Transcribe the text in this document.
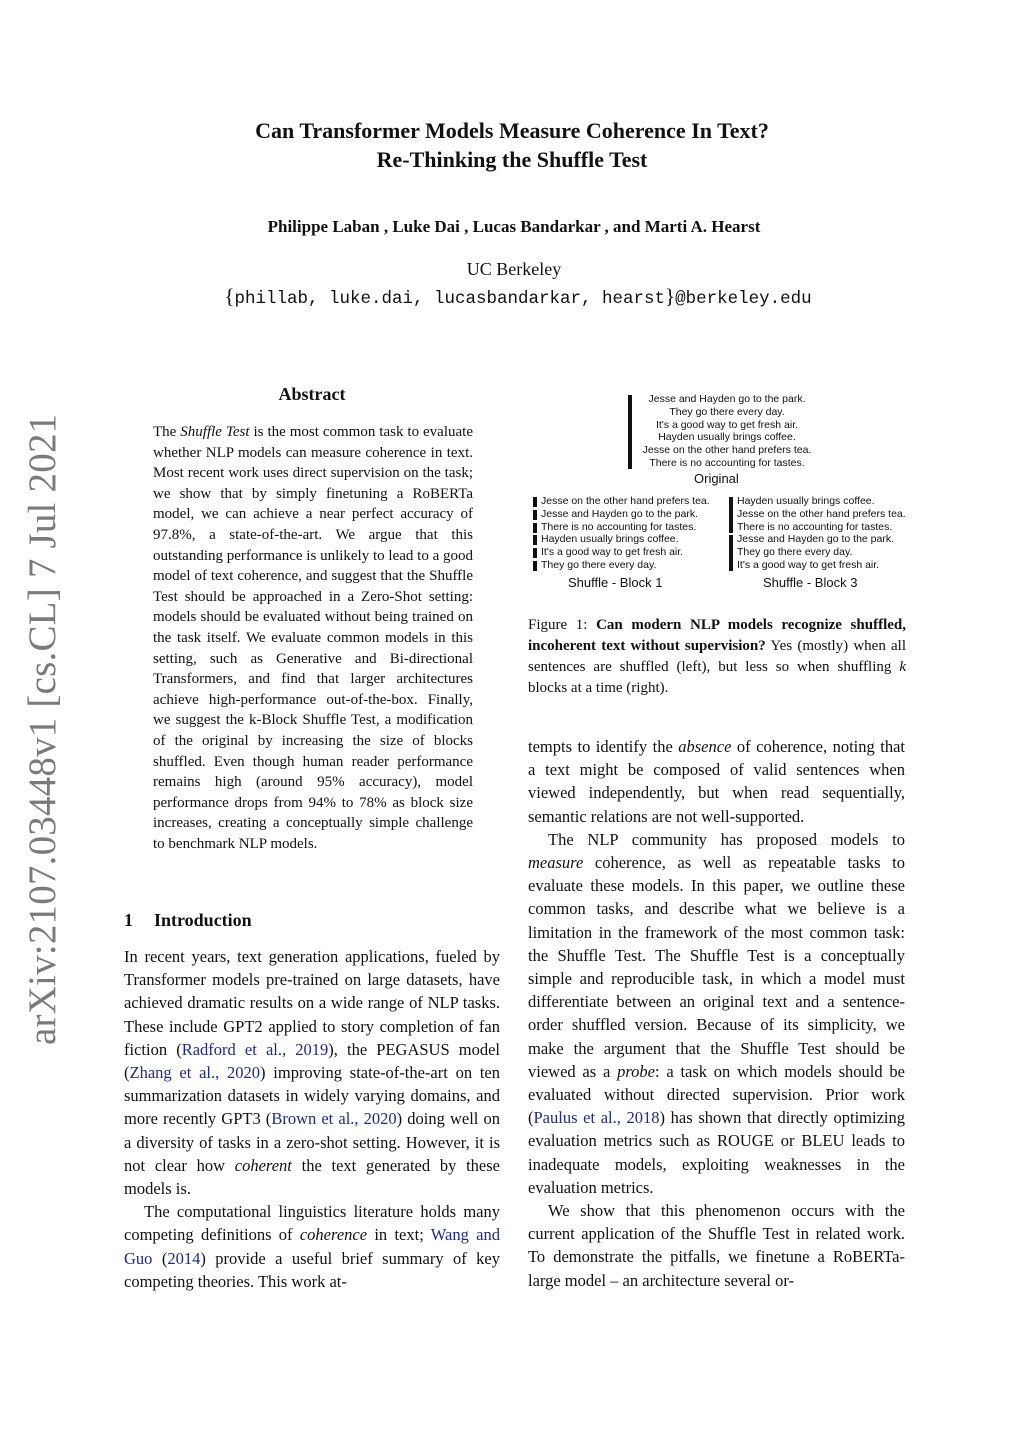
Can Transformer Models Measure Coherence In Text?
Re-Thinking the Shuffle Test
Philippe Laban , Luke Dai , Lucas Bandarkar , and Marti A. Hearst
UC Berkeley
{phillab, luke.dai, lucasbandarkar, hearst}@berkeley.edu
arXiv:2107.03448v1 [cs.CL] 7 Jul 2021
Abstract
The Shuffle Test is the most common task to evaluate whether NLP models can measure coherence in text. Most recent work uses direct supervision on the task; we show that by simply finetuning a RoBERTa model, we can achieve a near perfect accuracy of 97.8%, a state-of-the-art. We argue that this outstanding performance is unlikely to lead to a good model of text coherence, and suggest that the Shuffle Test should be approached in a Zero-Shot setting: models should be evaluated without being trained on the task itself. We evaluate common models in this setting, such as Generative and Bi-directional Transformers, and find that larger architectures achieve high-performance out-of-the-box. Finally, we suggest the k-Block Shuffle Test, a modification of the original by increasing the size of blocks shuffled. Even though human reader performance remains high (around 95% accuracy), model performance drops from 94% to 78% as block size increases, creating a conceptually simple challenge to benchmark NLP models.
1 Introduction

In recent years, text generation applications, fueled by Transformer models pre-trained on large datasets, have achieved dramatic results on a wide range of NLP tasks. These include GPT2 applied to story completion of fan fiction (Radford et al., 2019), the PEGASUS model (Zhang et al., 2020) improving state-of-the-art on ten summarization datasets in widely varying domains, and more recently GPT3 (Brown et al., 2020) doing well on a diversity of tasks in a zero-shot setting. However, it is not clear how coherent the text generated by these models is.

The computational linguistics literature holds many competing definitions of coherence in text; Wang and Guo (2014) provide a useful brief summary of key competing theories. This work at-

Jesse and Hayden go to the park.
They go there every day.
It's a good way to get fresh air.
Hayden usually brings coffee.
Jesse on the other hand prefers tea.
There is no accounting for tastes.
Original
Jesse on the other hand prefers tea.
Jesse and Hayden go to the park.
There is no accounting for tastes.
Hayden usually brings coffee.
It's a good way to get fresh air.
They go there every day.
Shuffle - Block 1
Hayden usually brings coffee.
Jesse on the other hand prefers tea.
There is no accounting for tastes.
Jesse and Hayden go to the park.
They go there every day.
It's a good way to get fresh air.
Shuffle - Block 3
Figure 1: Can modern NLP models recognize shuffled, incoherent text without supervision? Yes (mostly) when all sentences are shuffled (left), but less so when shuffling k blocks at a time (right).

tempts to identify the absence of coherence, noting that a text might be composed of valid sentences when viewed independently, but when read sequentially, semantic relations are not well-supported.

The NLP community has proposed models to measure coherence, as well as repeatable tasks to evaluate these models. In this paper, we outline these common tasks, and describe what we believe is a limitation in the framework of the most common task: the Shuffle Test. The Shuffle Test is a conceptually simple and reproducible task, in which a model must differentiate between an original text and a sentence-order shuffled version. Because of its simplicity, we make the argument that the Shuffle Test should be viewed as a probe: a task on which models should be evaluated without directed supervision. Prior work (Paulus et al., 2018) has shown that directly optimizing evaluation metrics such as ROUGE or BLEU leads to inadequate models, exploiting weaknesses in the evaluation metrics.

We show that this phenomenon occurs with the current application of the Shuffle Test in related work. To demonstrate the pitfalls, we finetune a RoBERTa-large model – an architecture several or-
